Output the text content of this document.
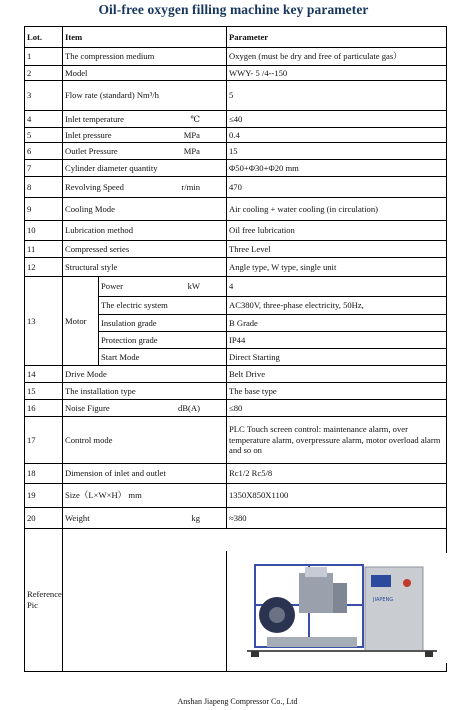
Oil-free oxygen filling machine key parameter
Lot.	Item		Parameter
1	The compression medium		Oxygen (must be dry and free of particulate gas）
2	Model		WWY- 5 /4--150
3	Flow rate (standard) Nm³/h		5
4	Inlet temperature ℃		≤40
5	Inlet pressure MPa		0.4
6	Outlet Pressure MPa		15
7	Cylinder diameter quantity		Φ50+Φ30+Φ20 mm
8	Revolving Speed r/min		470
9	Cooling Mode		Air cooling + water cooling (in circulation)
10	Lubrication method		Oil free lubrication
11	Compressed series		Three Level
12	Structural style		Angle type, W type, single unit
13	Motor	Power kW	4
		The electric system	AC380V, three-phase electricity, 50Hz,
		Insulation grade	B Grade
		Protection grade	IP44
		Start Mode	Direct Starting
14	Drive Mode		Belt Drive
15	The installation type		The base type
16	Noise Figure dB(A)		≤80
17	Control mode		PLC Touch screen control: maintenance alarm, over temperature alarm, overpressure alarm, motor overload alarm and so on
18	Dimension of inlet and outlet		Rc1/2 Rc5/8
19	Size（L×W×H） mm		1350X850X1100
20	Weight kg		≈380
Reference Pic			

JIAPENG
Anshan Jiapeng Compressor Co., Ltd
